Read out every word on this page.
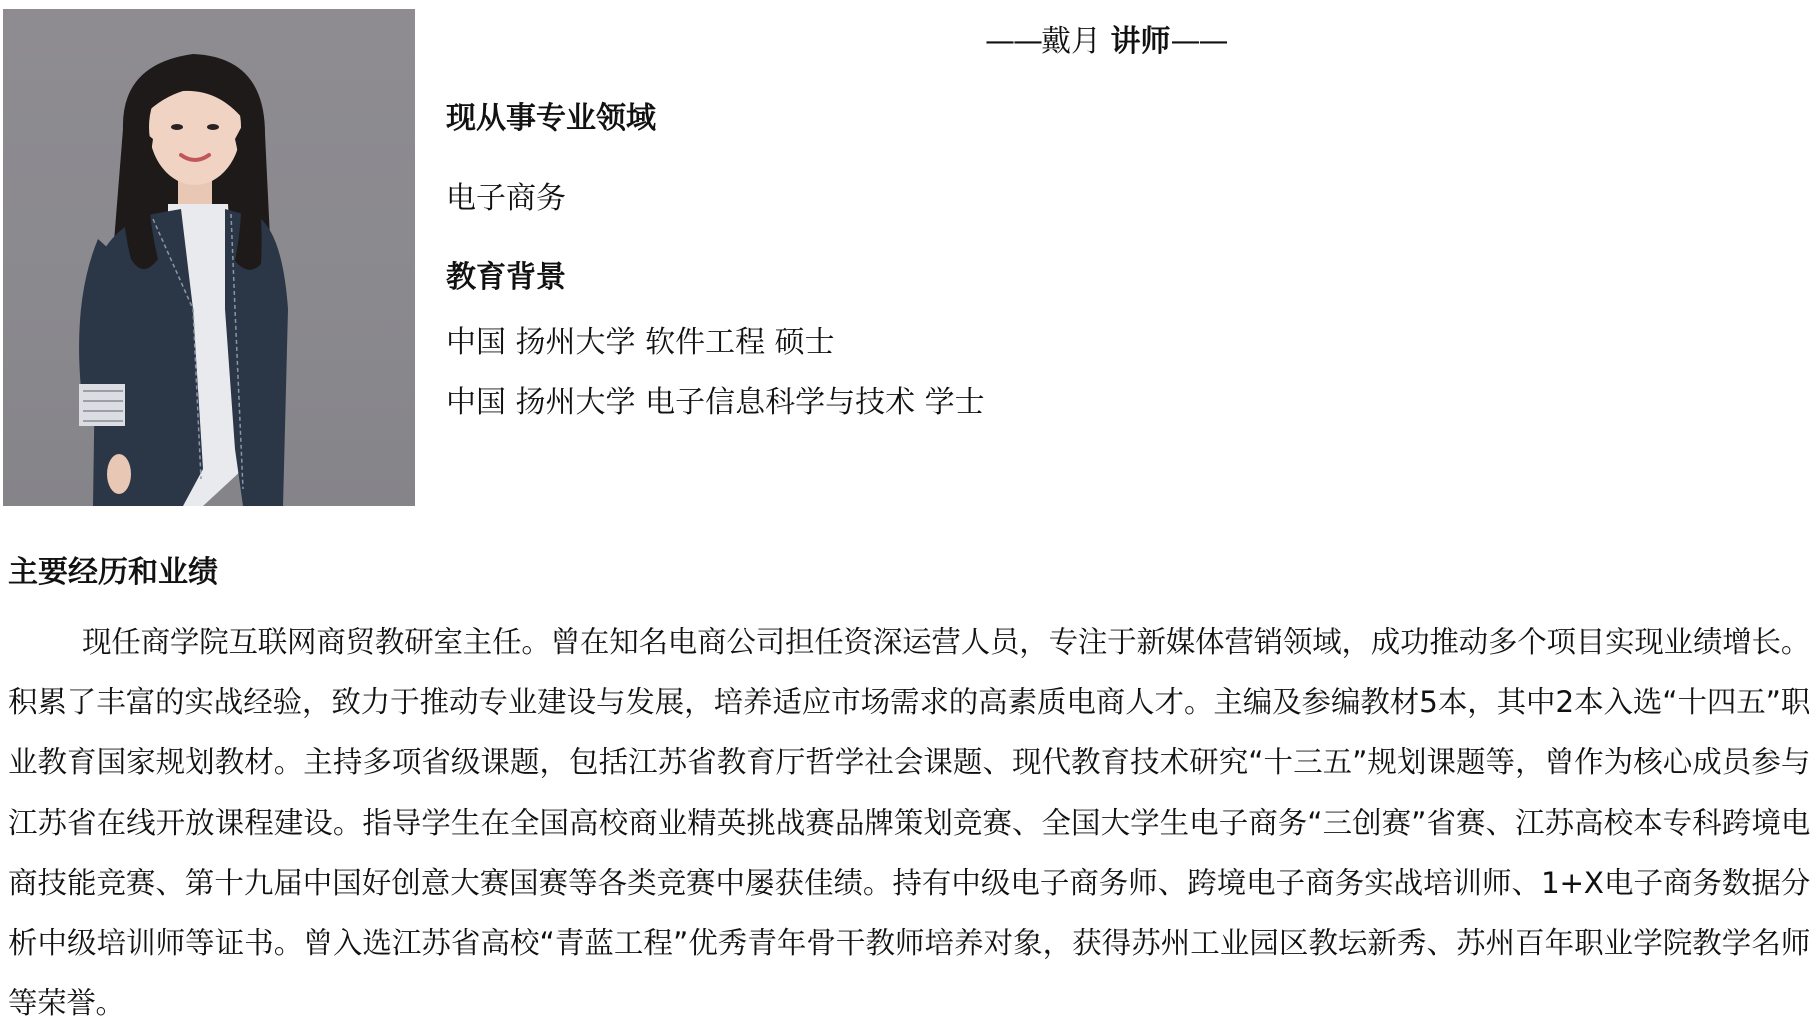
——戴月 讲师——
现从事专业领域
电子商务
教育背景
中国 扬州大学 软件工程 硕士
中国 扬州大学 电子信息科学与技术 学士
主要经历和业绩

现任商学院互联网商贸教研室主任。曾在知名电商公司担任资深运营人员，专注于新媒体营销领域，成功推动多个项目实现业绩增长。积累了丰富的实战经验，致力于推动专业建设与发展，培养适应市场需求的高素质电商人才。主编及参编教材5本，其中2本入选“十四五”职业教育国家规划教材。主持多项省级课题，包括江苏省教育厅哲学社会课题、现代教育技术研究“十三五”规划课题等，曾作为核心成员参与江苏省在线开放课程建设。指导学生在全国高校商业精英挑战赛品牌策划竞赛、全国大学生电子商务“三创赛”省赛、江苏高校本专科跨境电商技能竞赛、第十九届中国好创意大赛国赛等各类竞赛中屡获佳绩。持有中级电子商务师、跨境电子商务实战培训师、1+X电子商务数据分析中级培训师等证书。曾入选江苏省高校“青蓝工程”优秀青年骨干教师培养对象，获得苏州工业园区教坛新秀、苏州百年职业学院教学名师等荣誉。
